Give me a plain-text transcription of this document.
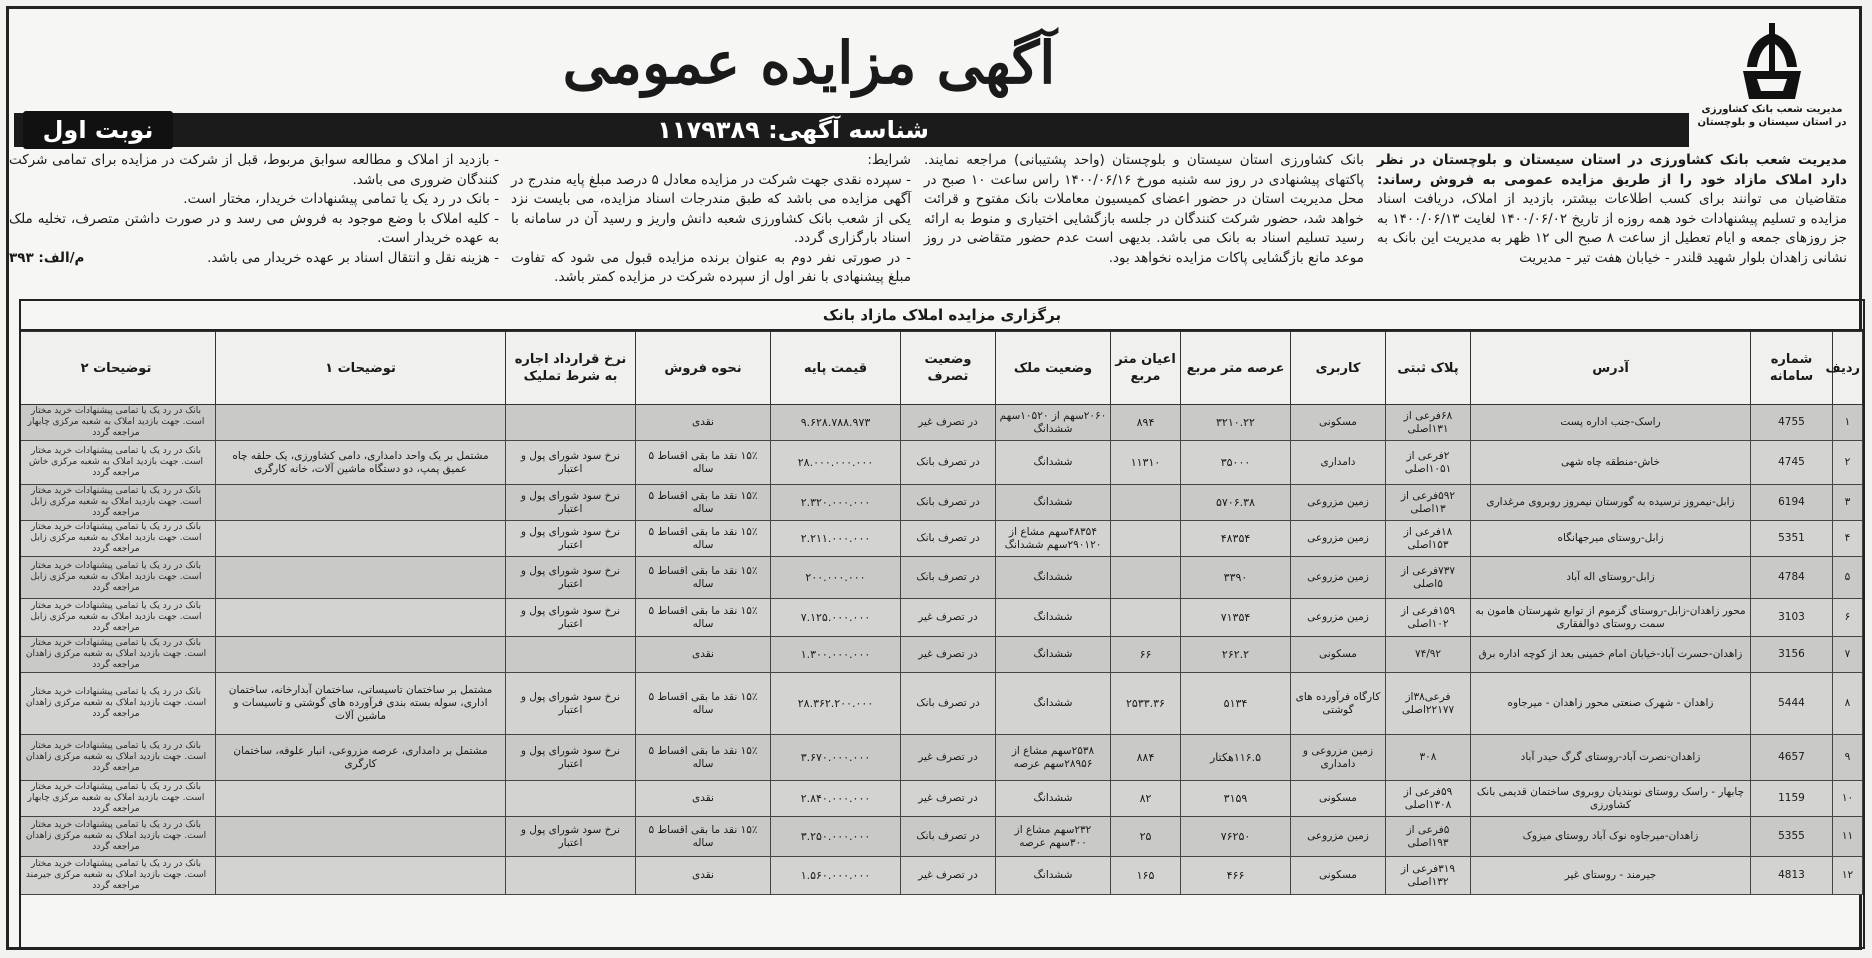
مدیریت شعب بانک کشاورزی
در استان سیستان و بلوچستان
آگهی مزایده عمومی
شناسه آگهی: ۱۱۷۹۳۸۹
نوبت اول
مدیریت شعب بانک کشاورزی در استان سیستان و بلوچستان در نظر دارد املاک مازاد خود را از طریق مزایده عمومی به فروش رساند: متقاضیان می توانند برای کسب اطلاعات بیشتر، بازدید از املاک، دریافت اسناد مزایده و تسلیم پیشنهادات خود همه روزه از تاریخ ۱۴۰۰/۰۶/۰۲ لغایت ۱۴۰۰/۰۶/۱۳ به جز روزهای جمعه و ایام تعطیل از ساعت ۸ صبح الی ۱۲ ظهر به مدیریت این بانک به نشانی زاهدان بلوار شهید قلندر - خیابان هفت تیر - مدیریت
بانک کشاورزی استان سیستان و بلوچستان (واحد پشتیبانی) مراجعه نمایند. پاکتهای پیشنهادی در روز سه شنبه مورخ ۱۴۰۰/۰۶/۱۶ راس ساعت ۱۰ صبح در محل مدیریت استان در حضور اعضای کمیسیون معاملات بانک مفتوح و قرائت خواهد شد، حضور شرکت کنندگان در جلسه بازگشایی اختیاری و منوط به ارائه رسید تسلیم اسناد به بانک می باشد. بدیهی است عدم حضور متقاضی در روز موعد مانع بازگشایی پاکات مزایده نخواهد بود.
شرایط:
- سپرده نقدی جهت شرکت در مزایده معادل ۵ درصد مبلغ پایه مندرج در آگهی مزایده می باشد که طبق مندرجات اسناد مزایده، می بایست نزد یکی از شعب بانک کشاورزی شعبه دانش واریز و رسید آن در سامانه با اسناد بارگزاری گردد.
- در صورتی نفر دوم به عنوان برنده مزایده قبول می شود که تفاوت مبلغ پیشنهادی با نفر اول از سپرده شرکت در مزایده کمتر باشد.
- بازدید از املاک و مطالعه سوابق مربوط، قبل از شرکت در مزایده برای تمامی شرکت کنندگان ضروری می باشد.
- بانک در رد یک یا تمامی پیشنهادات خریدار، مختار است.
- کلیه املاک با وضع موجود به فروش می رسد و در صورت داشتن متصرف، تخلیه ملک به عهده خریدار است.
- هزینه نقل و انتقال اسناد بر عهده خریدار می باشد.
م/الف: ۳۹۳
برگزاری مزایده املاک مازاد بانک
ردیف	شماره سامانه	آدرس	پلاک ثبتی	کاربری	عرصه متر مربع	اعیان متر مربع	وضعیت ملک	وضعیت تصرف	قیمت پایه	نحوه فروش	نرخ قرارداد اجاره به شرط تملیک	توضیحات ۱	توضیحات ۲
۱	4755	راسک-جنب اداره پست	۶۸فرعی از ۱۳۱اصلی	مسکونی	۳۲۱۰.۲۲	۸۹۴	۲۰۶۰سهم از ۱۰۵۲۰سهم ششدانگ	در تصرف غیر	۹.۶۲۸.۷۸۸.۹۷۳	نقدی			بانک در رد یک یا تمامی پیشنهادات خرید مختار است. جهت بازدید املاک به شعبه مرکزی چابهار مراجعه گردد
۲	4745	خاش-منطقه چاه شهی	۲فرعی از ۱۰۵۱اصلی	دامداری	۳۵۰۰۰	۱۱۳۱۰	ششدانگ	در تصرف بانک	۲۸.۰۰۰.۰۰۰.۰۰۰	۱۵٪ نقد ما بقی اقساط ۵ ساله	نرخ سود شورای پول و اعتبار	مشتمل بر یک واحد دامداری، دامی کشاورزی، یک حلقه چاه عمیق پمپ، دو دستگاه ماشین آلات، خانه کارگری	بانک در رد یک یا تمامی پیشنهادات خرید مختار است. جهت بازدید املاک به شعبه مرکزی خاش مراجعه گردد
۳	6194	زابل-نیمروز نرسیده به گورستان نیمروز روبروی مرغداری	۵۹۲فرعی از ۱۳اصلی	زمین مزروعی	۵۷۰۶.۳۸		ششدانگ	در تصرف بانک	۲.۳۲۰.۰۰۰.۰۰۰	۱۵٪ نقد ما بقی اقساط ۵ ساله	نرخ سود شورای پول و اعتبار		بانک در رد یک یا تمامی پیشنهادات خرید مختار است. جهت بازدید املاک به شعبه مرکزی زابل مراجعه گردد
۴	5351	زابل-روستای میرجهانگاه	۱۸فرعی از ۱۵۳اصلی	زمین مزروعی	۴۸۳۵۴		۴۸۳۵۴سهم مشاع از ۲۹۰۱۲۰سهم ششدانگ	در تصرف بانک	۲.۲۱۱.۰۰۰.۰۰۰	۱۵٪ نقد ما بقی اقساط ۵ ساله	نرخ سود شورای پول و اعتبار		بانک در رد یک یا تمامی پیشنهادات خرید مختار است. جهت بازدید املاک به شعبه مرکزی زابل مراجعه گردد
۵	4784	زابل-روستای اله آباد	۷۳۷فرعی از ۵اصلی	زمین مزروعی	۳۳۹۰		ششدانگ	در تصرف بانک	۲۰۰.۰۰۰.۰۰۰	۱۵٪ نقد ما بقی اقساط ۵ ساله	نرخ سود شورای پول و اعتبار		بانک در رد یک یا تمامی پیشنهادات خرید مختار است. جهت بازدید املاک به شعبه مرکزی زابل مراجعه گردد
۶	3103	محور زاهدان-زابل-روستای گزموم از توابع شهرستان هامون به سمت روستای دوالفقاری	۱۵۹فرعی از ۱۰۲اصلی	زمین مزروعی	۷۱۳۵۴		ششدانگ	در تصرف غیر	۷.۱۲۵.۰۰۰.۰۰۰	۱۵٪ نقد ما بقی اقساط ۵ ساله	نرخ سود شورای پول و اعتبار		بانک در رد یک یا تمامی پیشنهادات خرید مختار است. جهت بازدید املاک به شعبه مرکزی زابل مراجعه گردد
۷	3156	زاهدان-حسرت آباد-خیابان امام خمینی بعد از کوچه اداره برق	۷۴/۹۲	مسکونی	۲۶۲.۲	۶۶	ششدانگ	در تصرف غیر	۱.۳۰۰.۰۰۰.۰۰۰	نقدی			بانک در رد یک یا تمامی پیشنهادات خرید مختار است. جهت بازدید املاک به شعبه مرکزی زاهدان مراجعه گردد
۸	5444	زاهدان - شهرک صنعتی محور زاهدان - میرجاوه	فرعی۳۸از ۲۲۱۷۷اصلی	کارگاه فرآورده های گوشتی	۵۱۳۴	۲۵۳۳.۳۶	ششدانگ	در تصرف بانک	۲۸.۳۶۲.۲۰۰.۰۰۰	۱۵٪ نقد ما بقی اقساط ۵ ساله	نرخ سود شورای پول و اعتبار	مشتمل بر ساختمان تاسیساتی، ساختمان آبدارخانه، ساختمان اداری، سوله بسته بندی فرآورده های گوشتی و تاسیسات و ماشین آلات	بانک در رد یک یا تمامی پیشنهادات خرید مختار است. جهت بازدید املاک به شعبه مرکزی زاهدان مراجعه گردد
۹	4657	زاهدان-نصرت آباد-روستای گرگ حیدر آباد	۳۰۸	زمین مزروعی و دامداری	۱۱۶.۵هکتار	۸۸۴	۲۵۳۸سهم مشاع از ۲۸۹۵۶سهم عرصه	در تصرف غیر	۳.۶۷۰.۰۰۰.۰۰۰	۱۵٪ نقد ما بقی اقساط ۵ ساله	نرخ سود شورای پول و اعتبار	مشتمل بر دامداری، عرصه مزروعی، انبار علوفه، ساختمان کارگری	بانک در رد یک یا تمامی پیشنهادات خرید مختار است. جهت بازدید املاک به شعبه مرکزی زاهدان مراجعه گردد
۱۰	1159	چابهار - راسک روستای نوبندیان روبروی ساختمان قدیمی بانک کشاورزی	۵۹فرعی از ۱۳۰۸اصلی	مسکونی	۳۱۵۹	۸۲	ششدانگ	در تصرف غیر	۲.۸۴۰.۰۰۰.۰۰۰	نقدی			بانک در رد یک یا تمامی پیشنهادات خرید مختار است. جهت بازدید املاک به شعبه مرکزی چابهار مراجعه گردد
۱۱	5355	زاهدان-میرجاوه نوک آباد روستای میزوک	۵فرعی از ۱۹۳اصلی	زمین مزروعی	۷۶۲۵۰	۲۵	۲۳۲سهم مشاع از ۳۰۰سهم عرصه	در تصرف بانک	۳.۲۵۰.۰۰۰.۰۰۰	۱۵٪ نقد ما بقی اقساط ۵ ساله	نرخ سود شورای پول و اعتبار		بانک در رد یک یا تمامی پیشنهادات خرید مختار است. جهت بازدید املاک به شعبه مرکزی زاهدان مراجعه گردد
۱۲	4813	جیرمند - روستای غیر	۳۱۹فرعی از ۱۳۲اصلی	مسکونی	۴۶۶	۱۶۵	ششدانگ	در تصرف غیر	۱.۵۶۰.۰۰۰.۰۰۰	نقدی			بانک در رد یک یا تمامی پیشنهادات خرید مختار است. جهت بازدید املاک به شعبه مرکزی جیرمند مراجعه گردد
